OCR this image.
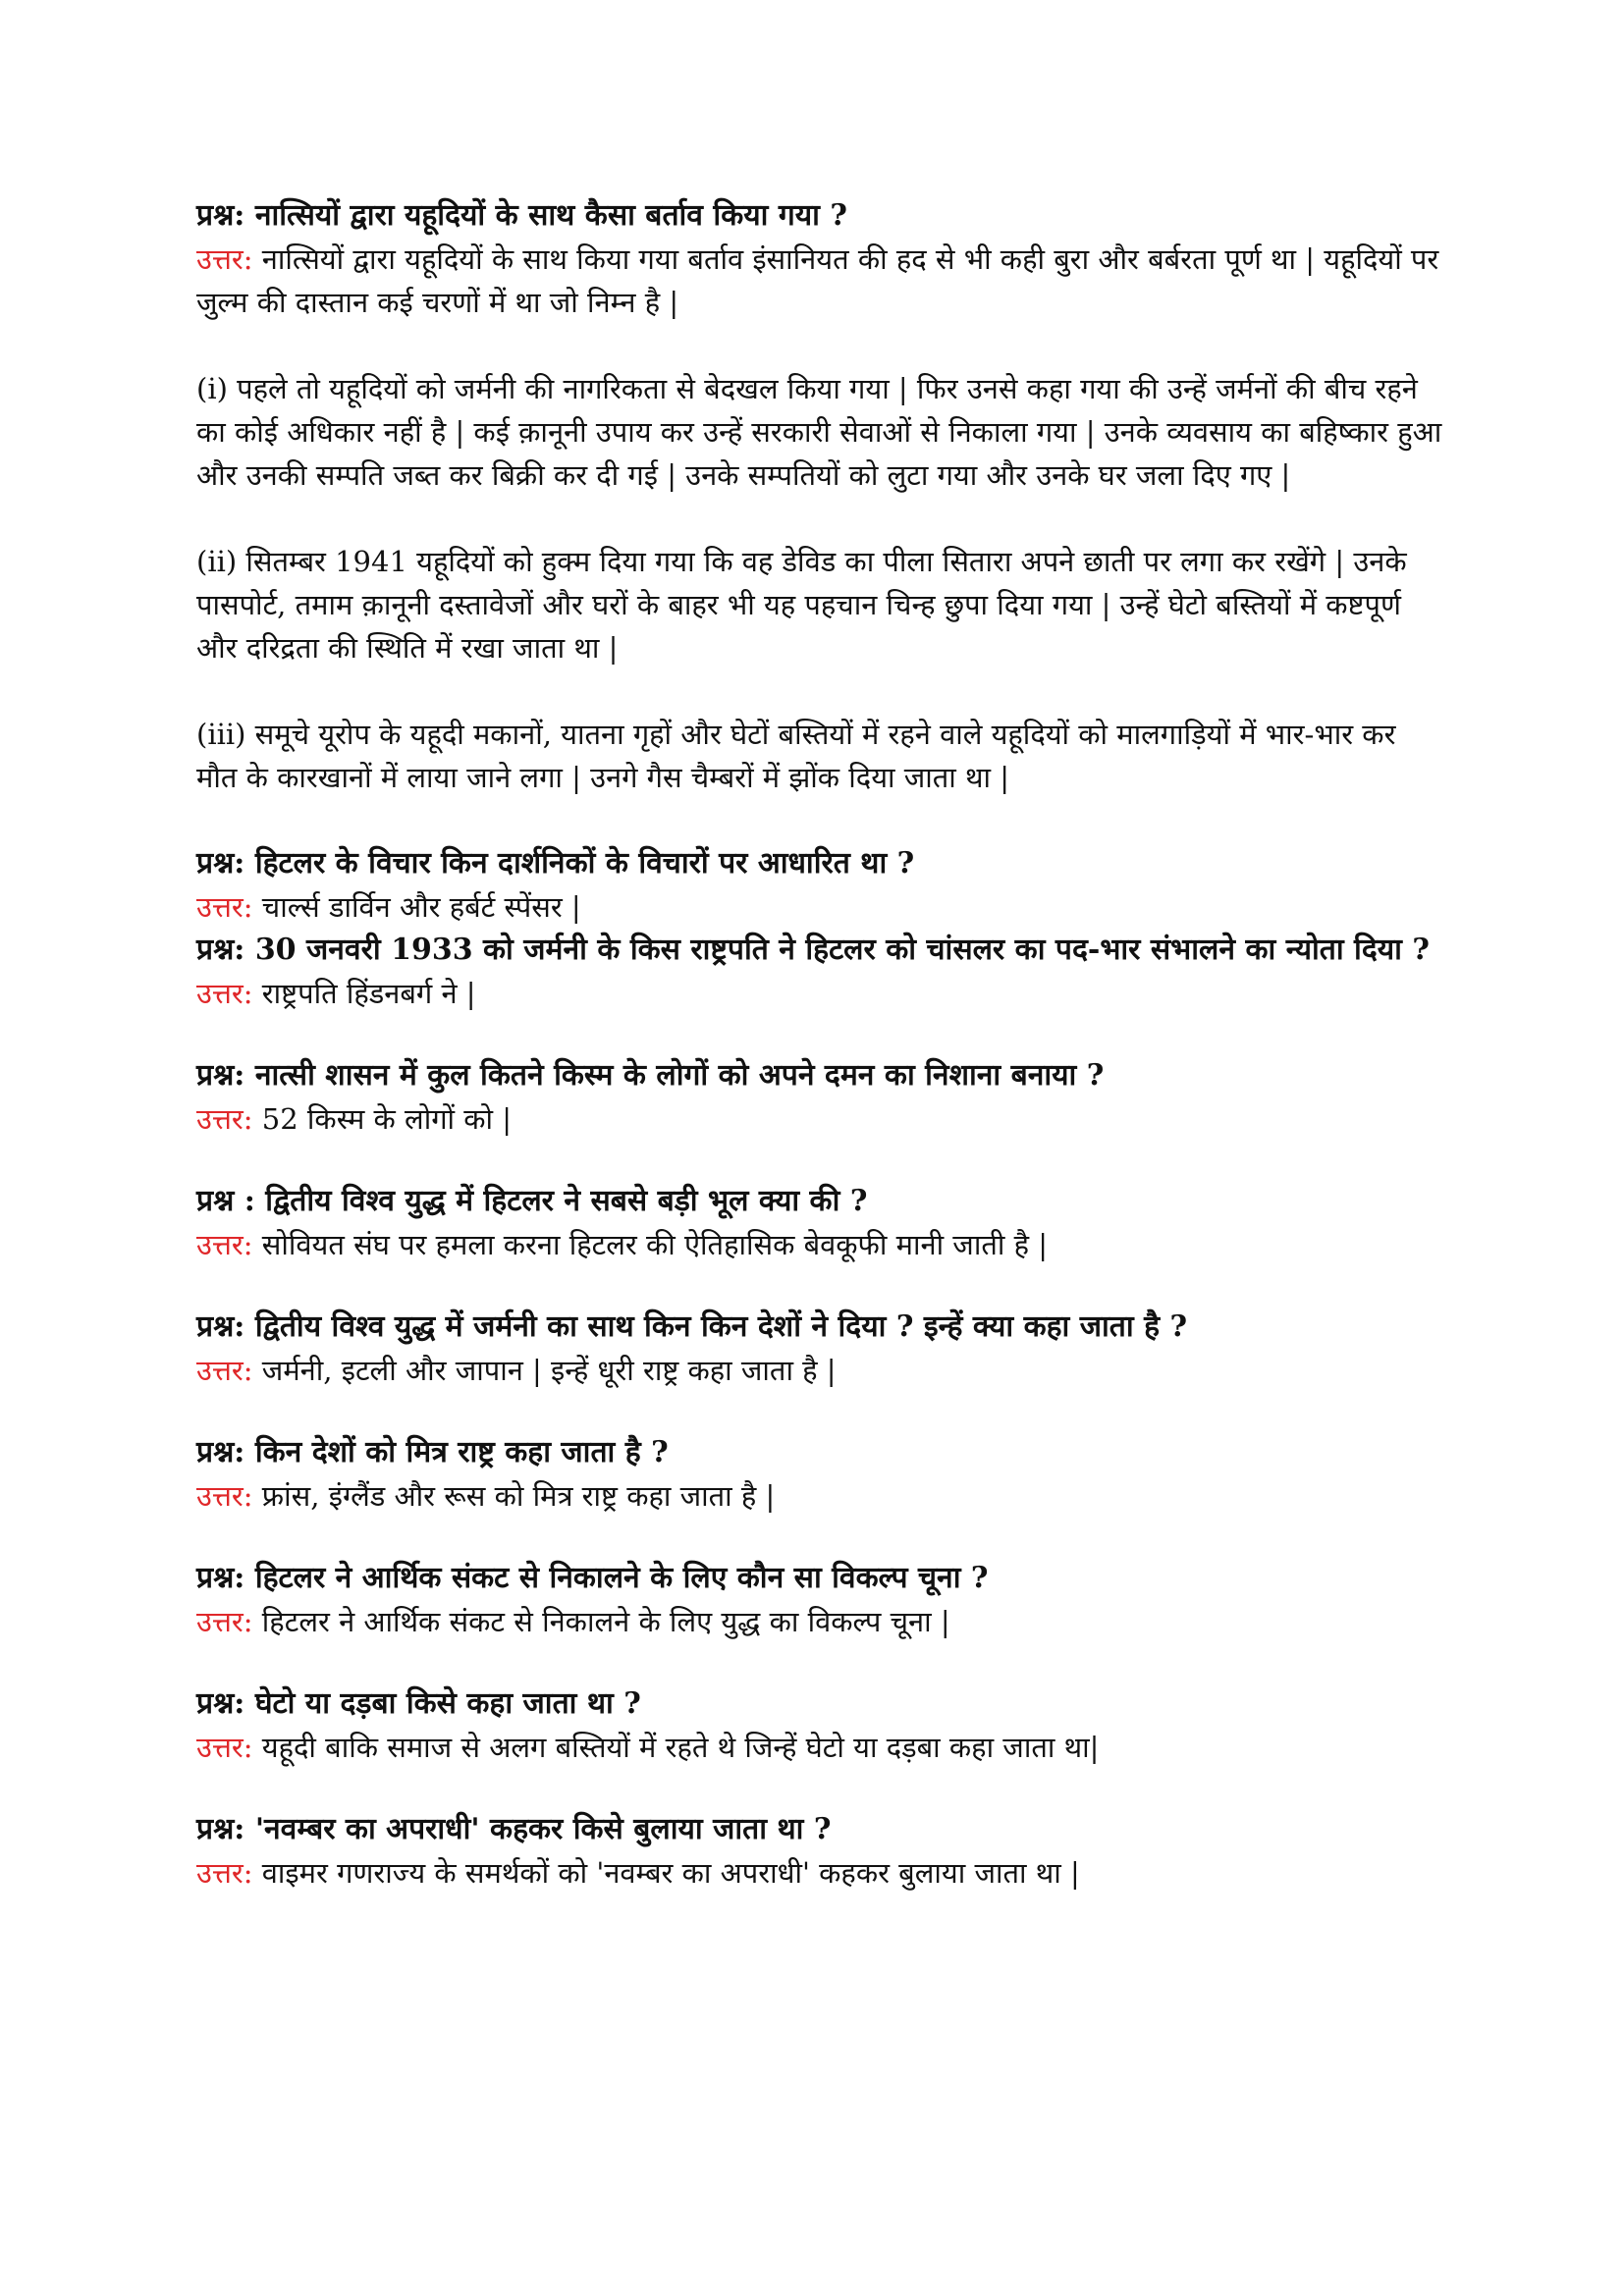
प्रश्न: नात्सियों द्वारा यहूदियों के साथ कैसा बर्ताव किया गया ?

उत्तर: नात्सियों द्वारा यहूदियों के साथ किया गया बर्ताव इंसानियत की हद से भी कही बुरा और बर्बरता पूर्ण था | यहूदियों पर जुल्म की दास्तान कई चरणों में था जो निम्न है |

(i) पहले तो यहूदियों को जर्मनी की नागरिकता से बेदखल किया गया | फिर उनसे कहा गया की उन्हें जर्मनों की बीच रहने का कोई अधिकार नहीं है | कई क़ानूनी उपाय कर उन्हें सरकारी सेवाओं से निकाला गया | उनके व्यवसाय का बहिष्कार हुआ और उनकी सम्पति जब्त कर बिक्री कर दी गई | उनके सम्पतियों को लुटा गया और उनके घर जला दिए गए |

(ii) सितम्बर 1941 यहूदियों को हुक्म दिया गया कि वह डेविड का पीला सितारा अपने छाती पर लगा कर रखेंगे | उनके पासपोर्ट, तमाम क़ानूनी दस्तावेजों और घरों के बाहर भी यह पहचान चिन्ह छुपा दिया गया | उन्हें घेटो बस्तियों में कष्टपूर्ण और दरिद्रता की स्थिति में रखा जाता था |

(iii) समूचे यूरोप के यहूदी मकानों, यातना गृहों और घेटों बस्तियों में रहने वाले यहूदियों को मालगाड़ियों में भार-भार कर मौत के कारखानों में लाया जाने लगा | उनगे गैस चैम्बरों में झोंक दिया जाता था |

प्रश्न: हिटलर के विचार किन दार्शनिकों के विचारों पर आधारित था ?

उत्तर: चार्ल्स डार्विन और हर्बर्ट स्पेंसर |

प्रश्न: 30 जनवरी 1933 को जर्मनी के किस राष्ट्रपति ने हिटलर को चांसलर का पद-भार संभालने का न्योता दिया ?

उत्तर: राष्ट्रपति हिंडनबर्ग ने |

प्रश्न: नात्सी शासन में कुल कितने किस्म के लोगों को अपने दमन का निशाना बनाया ?

उत्तर: 52 किस्म के लोगों को |

प्रश्न : द्वितीय विश्व युद्ध में हिटलर ने सबसे बड़ी भूल क्या की ?

उत्तर: सोवियत संघ पर हमला करना हिटलर की ऐतिहासिक बेवकूफी मानी जाती है |

प्रश्न: द्वितीय विश्व युद्ध में जर्मनी का साथ किन किन देशों ने दिया ? इन्हें क्या कहा जाता है ?

उत्तर: जर्मनी, इटली और जापान | इन्हें धूरी राष्ट्र कहा जाता है |

प्रश्न: किन देशों को मित्र राष्ट्र कहा जाता है ?

उत्तर: फ्रांस, इंग्लैंड और रूस को मित्र राष्ट्र कहा जाता है |

प्रश्न: हिटलर ने आर्थिक संकट से निकालने के लिए कौन सा विकल्प चूना ?

उत्तर: हिटलर ने आर्थिक संकट से निकालने के लिए युद्ध का विकल्प चूना |

प्रश्न: घेटो या दड़बा किसे कहा जाता था ?

उत्तर: यहूदी बाकि समाज से अलग बस्तियों में रहते थे जिन्हें घेटो या दड़बा कहा जाता था|

प्रश्न: 'नवम्बर का अपराधी' कहकर किसे बुलाया जाता था ?

उत्तर: वाइमर गणराज्य के समर्थकों को 'नवम्बर का अपराधी' कहकर बुलाया जाता था |
